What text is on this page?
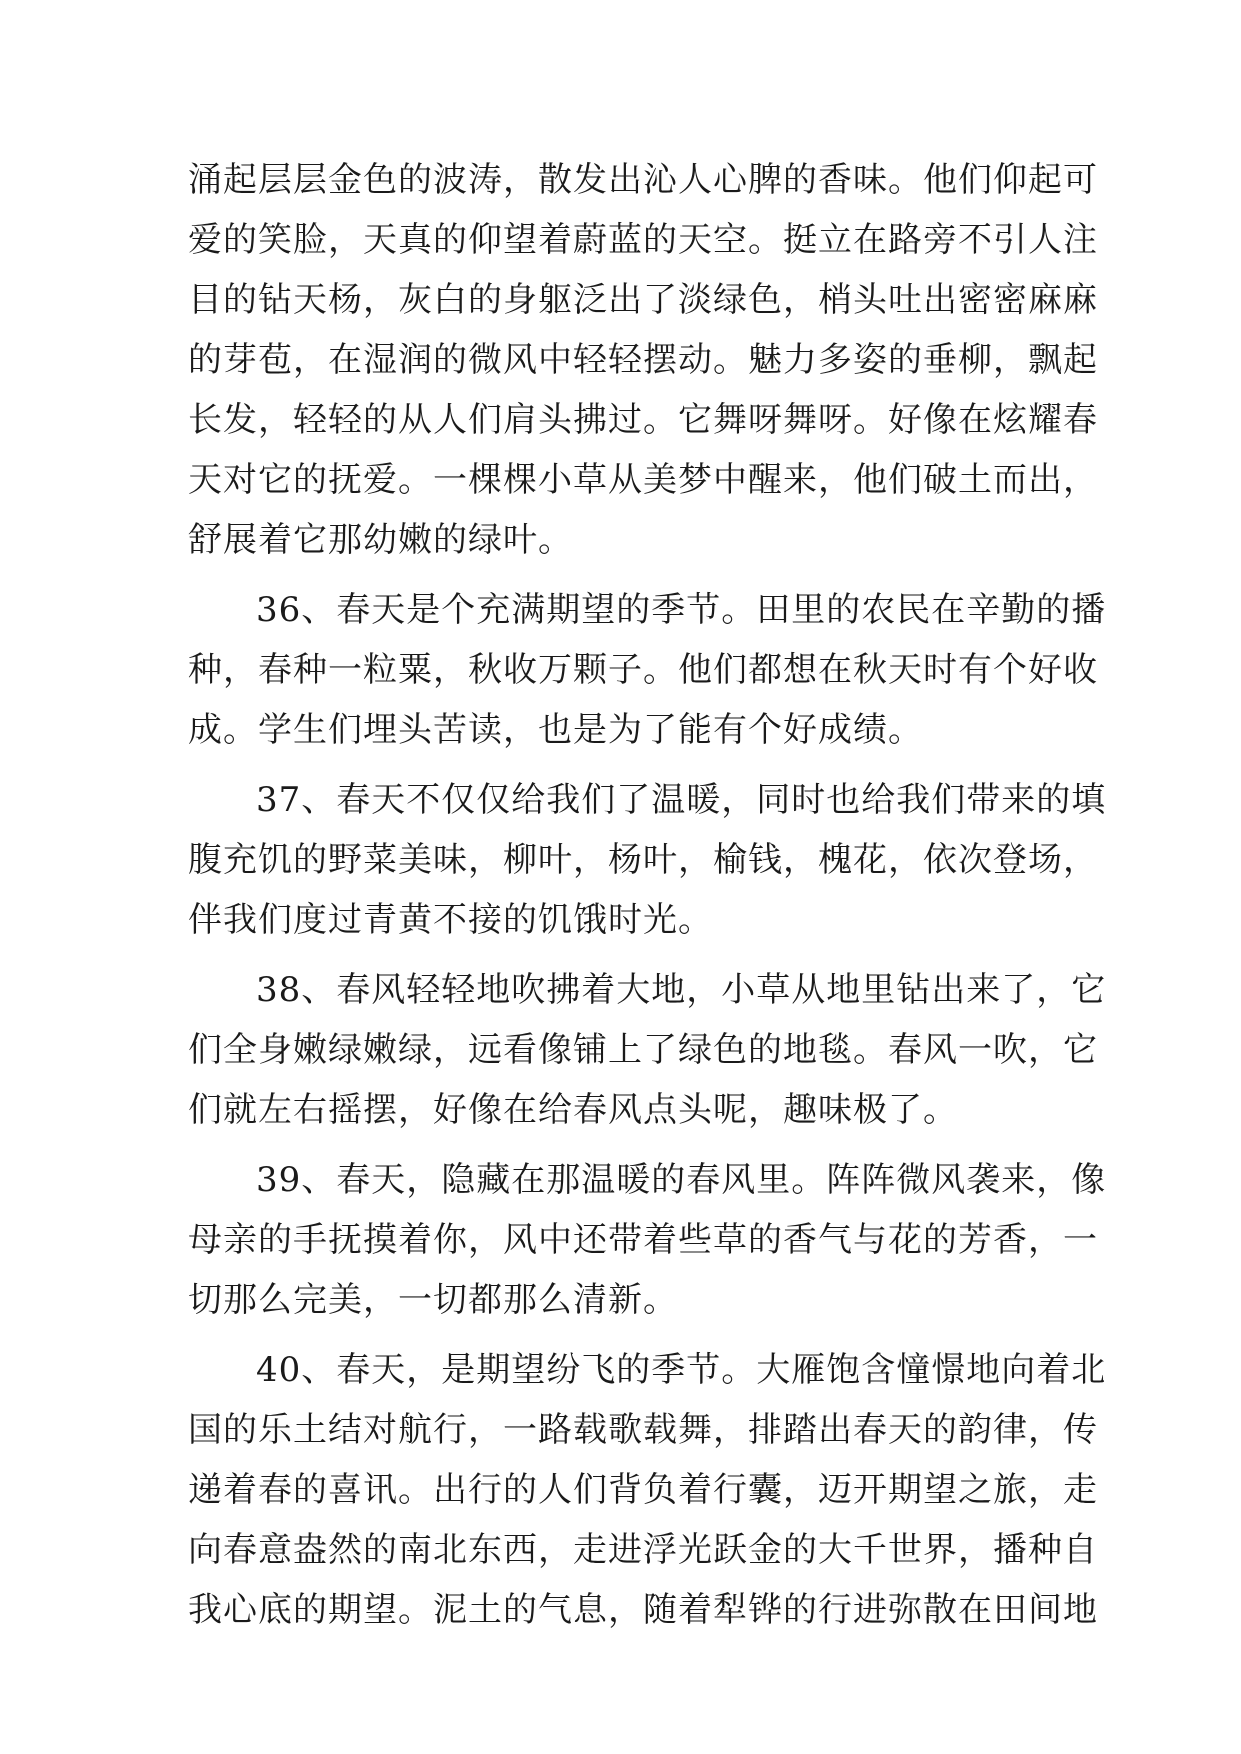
涌起层层金色的波涛，散发出沁人心脾的香味。他们仰起可
爱的笑脸，天真的仰望着蔚蓝的天空。挺立在路旁不引人注
目的钻天杨，灰白的身躯泛出了淡绿色，梢头吐出密密麻麻
的芽苞，在湿润的微风中轻轻摆动。魅力多姿的垂柳，飘起
长发，轻轻的从人们肩头拂过。它舞呀舞呀。好像在炫耀春
天对它的抚爱。一棵棵小草从美梦中醒来，他们破土而出，
舒展着它那幼嫩的绿叶。
36、春天是个充满期望的季节。田里的农民在辛勤的播
种，春种一粒粟，秋收万颗子。他们都想在秋天时有个好收
成。学生们埋头苦读，也是为了能有个好成绩。
37、春天不仅仅给我们了温暖，同时也给我们带来的填
腹充饥的野菜美味，柳叶，杨叶，榆钱，槐花，依次登场，
伴我们度过青黄不接的饥饿时光。
38、春风轻轻地吹拂着大地，小草从地里钻出来了，它
们全身嫩绿嫩绿，远看像铺上了绿色的地毯。春风一吹，它
们就左右摇摆，好像在给春风点头呢，趣味极了。
39、春天，隐藏在那温暖的春风里。阵阵微风袭来，像
母亲的手抚摸着你，风中还带着些草的香气与花的芳香，一
切那么完美，一切都那么清新。
40、春天，是期望纷飞的季节。大雁饱含憧憬地向着北
国的乐土结对航行，一路载歌载舞，排踏出春天的韵律，传
递着春的喜讯。出行的人们背负着行囊，迈开期望之旅，走
向春意盎然的南北东西，走进浮光跃金的大千世界，播种自
我心底的期望。泥土的气息，随着犁铧的行进弥散在田间地
